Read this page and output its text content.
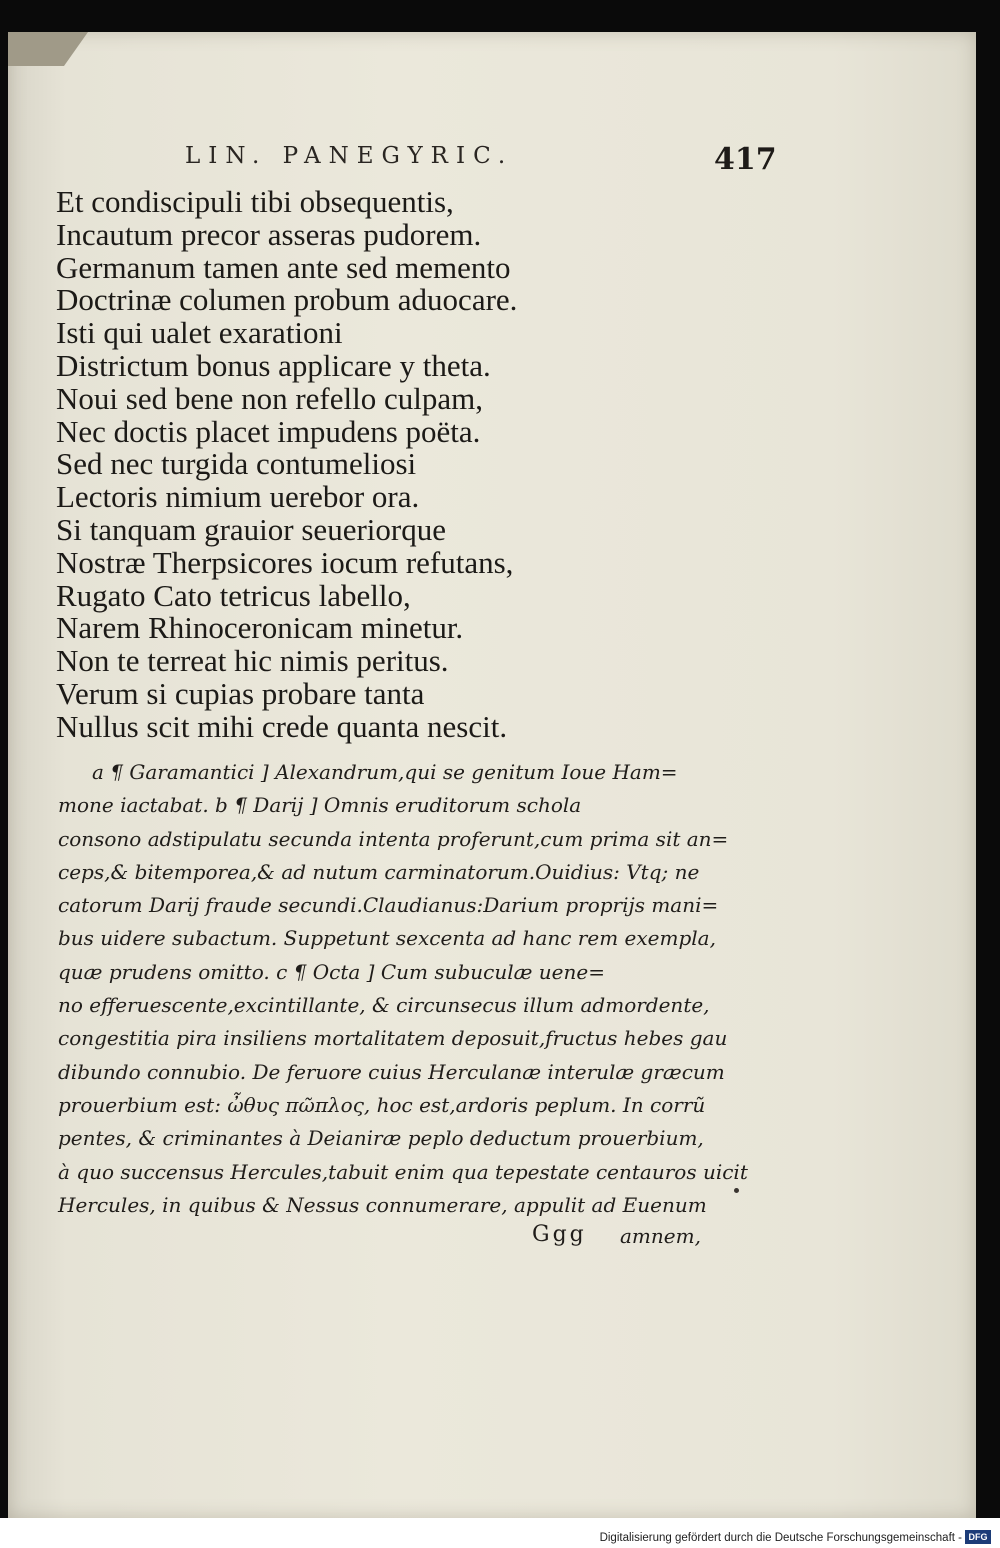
LIN. PANEGYRIC.	417
Et condiscipuli tibi obsequentis,
Incautum precor asseras pudorem.
Germanum tamen ante sed memento
Doctrinæ columen probum aduocare.
Isti qui ualet exarationi
Districtum bonus applicare y theta.
Noui sed bene non refello culpam,
Nec doctis placet impudens poëta.
Sed nec turgida contumeliosi
Lectoris nimium uerebor ora.
Si tanquam grauior seueriorque
Nostræ Therpsicores iocum refutans,
Rugato Cato tetricus labello,
Narem Rhinoceronicam minetur.
Non te terreat hic nimis peritus.
Verum si cupias probare tanta
Nullus scit mihi crede quanta nescit.
a ¶ Garamantici ] Alexandrum,qui se genitum Ioue Ham=
mone iactabat. b ¶ Darij ] Omnis eruditorum schola
consono adstipulatu secunda intenta proferunt,cum prima sit an=
ceps,& bitemporea,& ad nutum carminatorum.Ouidius: Vtq; ne
catorum Darij fraude secundi.Claudianus:Darium proprijs mani=
bus uidere subactum. Suppetunt sexcenta ad hanc rem exempla,
quæ prudens omitto. c ¶ Octa ] Cum subuculæ uene=
no efferuescente,excintillante, & circunsecus illum admordente,
congestitia pira insiliens mortalitatem deposuit,fructus hebes gau
dibundo connubio. De feruore cuius Herculanæ interulæ græcum
prouerbium est: ὦθυς πῶπλος, hoc est,ardoris peplum. In corrũ
pentes, & criminantes à Deianiræ peplo deductum prouerbium,
à quo succensus Hercules,tabuit enim qua tepestate centauros uicit
Hercules, in quibus & Nessus connumerare, appulit ad Euenum
Ggg amnem,
Digitalisierung gefördert durch die Deutsche Forschungsgemeinschaft - DFG
